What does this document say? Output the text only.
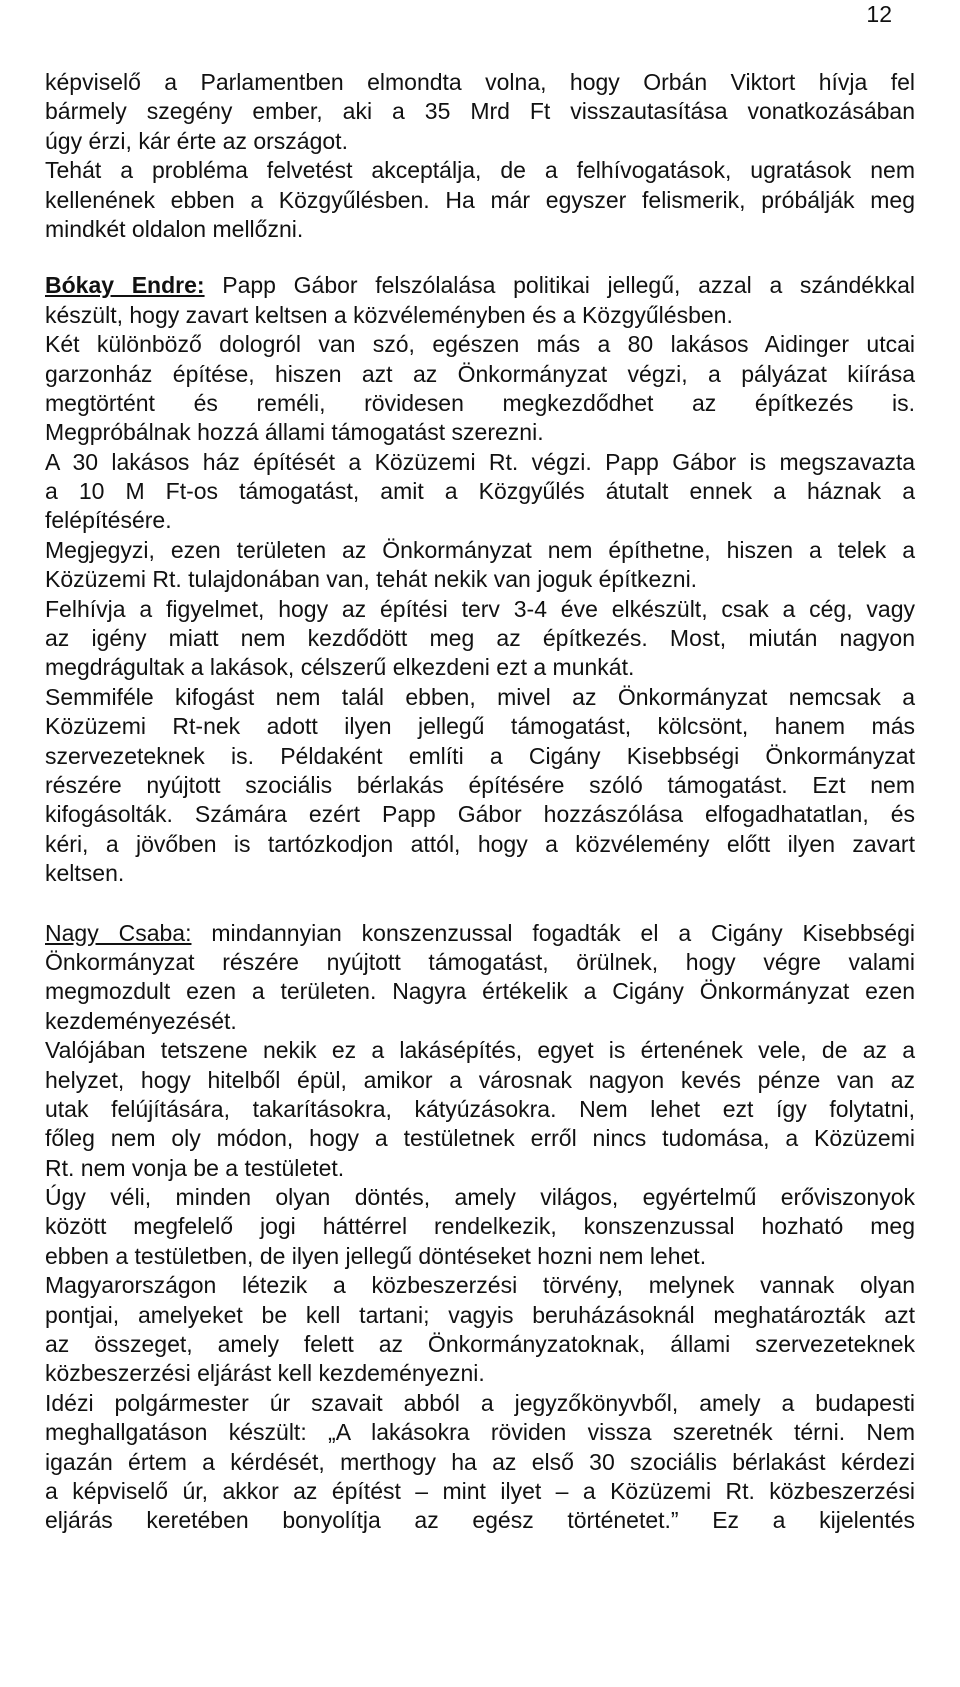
12
képviselő a Parlamentben elmondta volna, hogy Orbán Viktort hívja fel
bármely szegény ember, aki a 35 Mrd Ft visszautasítása vonatkozásában
úgy érzi, kár érte az országot.
Tehát a probléma felvetést akceptálja, de a felhívogatások, ugratások nem
kellenének ebben a Közgyűlésben. Ha már egyszer felismerik, próbálják meg
mindkét oldalon mellőzni.
Bókay Endre: Papp Gábor felszólalása politikai jellegű, azzal a szándékkal
készült, hogy zavart keltsen a közvéleményben és a Közgyűlésben.
Két különböző dologról van szó, egészen más a 80 lakásos Aidinger utcai
garzonház építése, hiszen azt az Önkormányzat végzi, a pályázat kiírása
megtörtént és reméli, rövidesen megkezdődhet az építkezés is.
Megpróbálnak hozzá állami támogatást szerezni.
A 30 lakásos ház építését a Közüzemi Rt. végzi. Papp Gábor is megszavazta
a 10 M Ft-os támogatást, amit a Közgyűlés átutalt ennek a háznak a
felépítésére.
Megjegyzi, ezen területen az Önkormányzat nem építhetne, hiszen a telek a
Közüzemi Rt. tulajdonában van, tehát nekik van joguk építkezni.
Felhívja a figyelmet, hogy az építési terv 3-4 éve elkészült, csak a cég, vagy
az igény miatt nem kezdődött meg az építkezés. Most, miután nagyon
megdrágultak a lakások, célszerű elkezdeni ezt a munkát.
Semmiféle kifogást nem talál ebben, mivel az Önkormányzat nemcsak a
Közüzemi Rt-nek adott ilyen jellegű támogatást, kölcsönt, hanem más
szervezeteknek is. Példaként említi a Cigány Kisebbségi Önkormányzat
részére nyújtott szociális bérlakás építésére szóló támogatást. Ezt nem
kifogásolták. Számára ezért Papp Gábor hozzászólása elfogadhatatlan, és
kéri, a jövőben is tartózkodjon attól, hogy a közvélemény előtt ilyen zavart
keltsen.
Nagy Csaba: mindannyian konszenzussal fogadták el a Cigány Kisebbségi
Önkormányzat részére nyújtott támogatást, örülnek, hogy végre valami
megmozdult ezen a területen. Nagyra értékelik a Cigány Önkormányzat ezen
kezdeményezését.
Valójában tetszene nekik ez a lakásépítés, egyet is értenének vele, de az a
helyzet, hogy hitelből épül, amikor a városnak nagyon kevés pénze van az
utak felújítására, takarításokra, kátyúzásokra. Nem lehet ezt így folytatni,
főleg nem oly módon, hogy a testületnek erről nincs tudomása, a Közüzemi
Rt. nem vonja be a testületet.
Úgy véli, minden olyan döntés, amely világos, egyértelmű erőviszonyok
között megfelelő jogi háttérrel rendelkezik, konszenzussal hozható meg
ebben a testületben, de ilyen jellegű döntéseket hozni nem lehet.
Magyarországon létezik a közbeszerzési törvény, melynek vannak olyan
pontjai, amelyeket be kell tartani; vagyis beruházásoknál meghatározták azt
az összeget, amely felett az Önkormányzatoknak, állami szervezeteknek
közbeszerzési eljárást kell kezdeményezni.
Idézi polgármester úr szavait abból a jegyzőkönyvből, amely a budapesti
meghallgatáson készült: „A lakásokra röviden vissza szeretnék térni. Nem
igazán értem a kérdését, merthogy ha az első 30 szociális bérlakást kérdezi
a képviselő úr, akkor az építést – mint ilyet – a Közüzemi Rt. közbeszerzési
eljárás keretében bonyolítja az egész történetet.” Ez a kijelentés
